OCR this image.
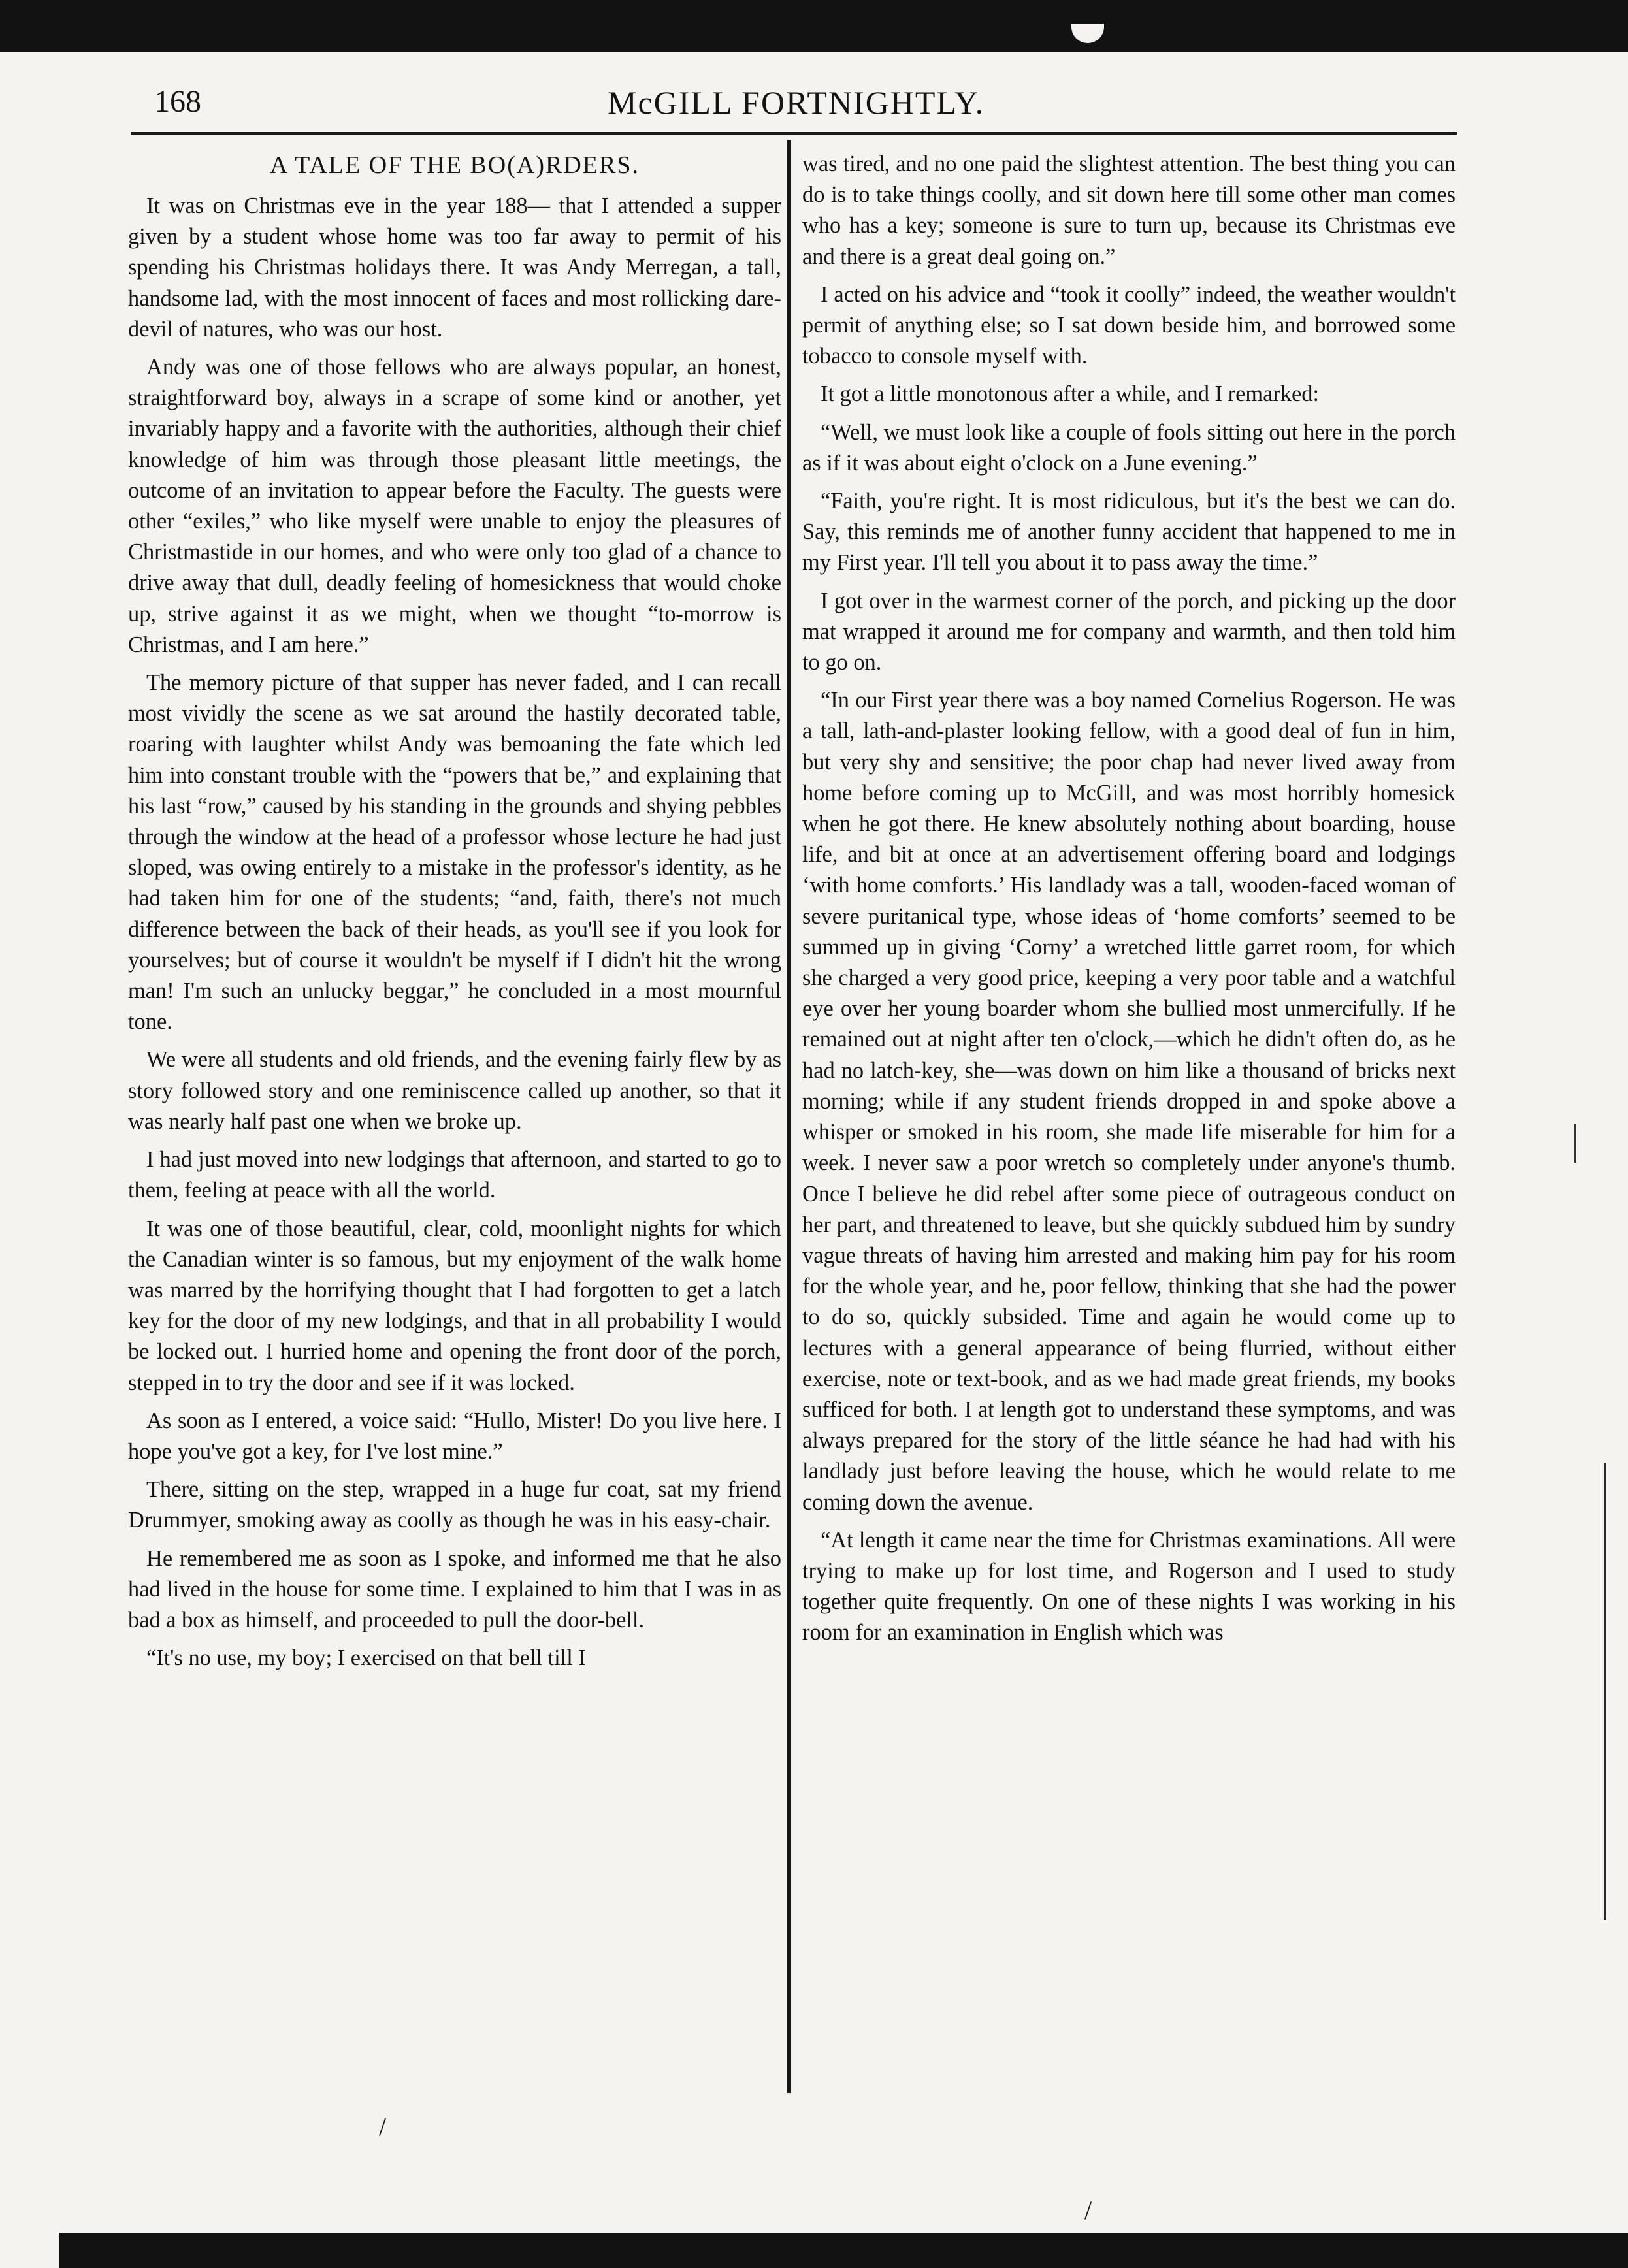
168	McGILL FORTNIGHTLY.
A TALE OF THE BO(A)RDERS.

It was on Christmas eve in the year 188— that I attended a supper given by a student whose home was too far away to permit of his spending his Christmas holidays there. It was Andy Merregan, a tall, handsome lad, with the most innocent of faces and most rollicking dare-devil of natures, who was our host.

Andy was one of those fellows who are always popular, an honest, straightforward boy, always in a scrape of some kind or another, yet invariably happy and a favorite with the authorities, although their chief knowledge of him was through those pleasant little meetings, the outcome of an invitation to appear before the Faculty. The guests were other “exiles,” who like myself were unable to enjoy the pleasures of Christmastide in our homes, and who were only too glad of a chance to drive away that dull, deadly feeling of homesickness that would choke up, strive against it as we might, when we thought “to-morrow is Christmas, and I am here.”

The memory picture of that supper has never faded, and I can recall most vividly the scene as we sat around the hastily decorated table, roaring with laughter whilst Andy was bemoaning the fate which led him into constant trouble with the “powers that be,” and explaining that his last “row,” caused by his standing in the grounds and shying pebbles through the window at the head of a professor whose lecture he had just sloped, was owing entirely to a mistake in the professor's identity, as he had taken him for one of the students; “and, faith, there's not much difference between the back of their heads, as you'll see if you look for yourselves; but of course it wouldn't be myself if I didn't hit the wrong man! I'm such an unlucky beggar,” he concluded in a most mournful tone.

We were all students and old friends, and the evening fairly flew by as story followed story and one reminiscence called up another, so that it was nearly half past one when we broke up.

I had just moved into new lodgings that afternoon, and started to go to them, feeling at peace with all the world.

It was one of those beautiful, clear, cold, moonlight nights for which the Canadian winter is so famous, but my enjoyment of the walk home was marred by the horrifying thought that I had forgotten to get a latch key for the door of my new lodgings, and that in all probability I would be locked out. I hurried home and opening the front door of the porch, stepped in to try the door and see if it was locked.

As soon as I entered, a voice said: “Hullo, Mister! Do you live here. I hope you've got a key, for I've lost mine.”

There, sitting on the step, wrapped in a huge fur coat, sat my friend Drummyer, smoking away as coolly as though he was in his easy-chair.

He remembered me as soon as I spoke, and informed me that he also had lived in the house for some time. I explained to him that I was in as bad a box as himself, and proceeded to pull the door-bell.

“It's no use, my boy; I exercised on that bell till I

was tired, and no one paid the slightest attention. The best thing you can do is to take things coolly, and sit down here till some other man comes who has a key; someone is sure to turn up, because its Christmas eve and there is a great deal going on.”

I acted on his advice and “took it coolly” indeed, the weather wouldn't permit of anything else; so I sat down beside him, and borrowed some tobacco to console myself with.

It got a little monotonous after a while, and I remarked:

“Well, we must look like a couple of fools sitting out here in the porch as if it was about eight o'clock on a June evening.”

“Faith, you're right. It is most ridiculous, but it's the best we can do. Say, this reminds me of another funny accident that happened to me in my First year. I'll tell you about it to pass away the time.”

I got over in the warmest corner of the porch, and picking up the door mat wrapped it around me for company and warmth, and then told him to go on.

“In our First year there was a boy named Cornelius Rogerson. He was a tall, lath-and-plaster looking fellow, with a good deal of fun in him, but very shy and sensitive; the poor chap had never lived away from home before coming up to McGill, and was most horribly homesick when he got there. He knew absolutely nothing about boarding, house life, and bit at once at an advertisement offering board and lodgings ‘with home comforts.’ His landlady was a tall, wooden-faced woman of severe puritanical type, whose ideas of ‘home comforts’ seemed to be summed up in giving ‘Corny’ a wretched little garret room, for which she charged a very good price, keeping a very poor table and a watchful eye over her young boarder whom she bullied most unmercifully. If he remained out at night after ten o'clock,—which he didn't often do, as he had no latch-key, she—was down on him like a thousand of bricks next morning; while if any student friends dropped in and spoke above a whisper or smoked in his room, she made life miserable for him for a week. I never saw a poor wretch so completely under anyone's thumb. Once I believe he did rebel after some piece of outrageous conduct on her part, and threatened to leave, but she quickly subdued him by sundry vague threats of having him arrested and making him pay for his room for the whole year, and he, poor fellow, thinking that she had the power to do so, quickly subsided. Time and again he would come up to lectures with a general appearance of being flurried, without either exercise, note or text-book, and as we had made great friends, my books sufficed for both. I at length got to understand these symptoms, and was always prepared for the story of the little séance he had had with his landlady just before leaving the house, which he would relate to me coming down the avenue.

“At length it came near the time for Christmas examinations. All were trying to make up for lost time, and Rogerson and I used to study together quite frequently. On one of these nights I was working in his room for an examination in English which was

/
/
